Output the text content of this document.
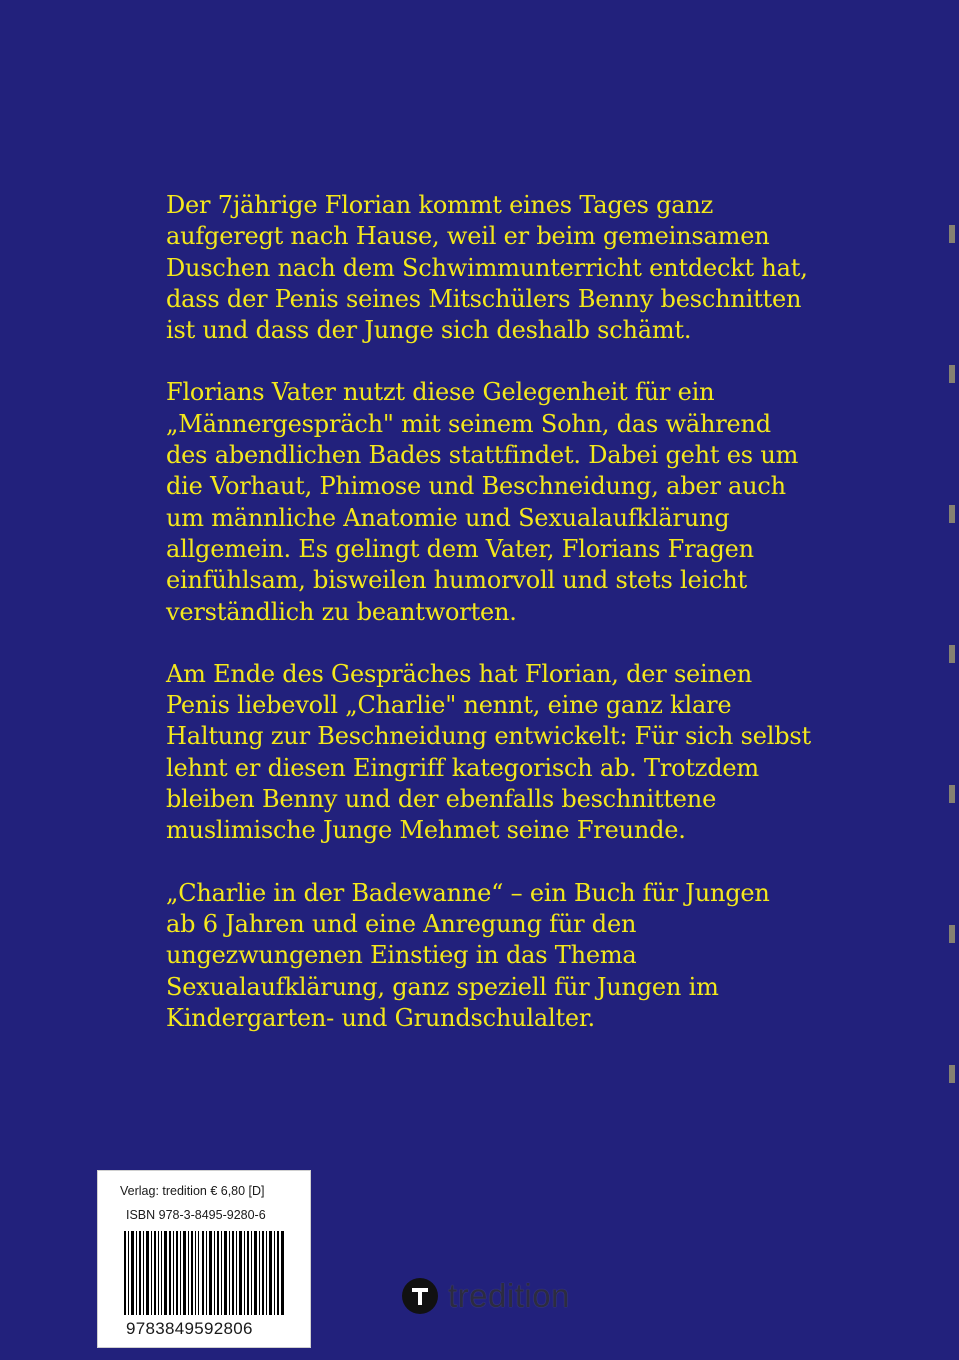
Der 7jährige Florian kommt eines Tages ganz
aufgeregt nach Hause, weil er beim gemeinsamen
Duschen nach dem Schwimmunterricht entdeckt hat,
dass der Penis seines Mitschülers Benny beschnitten
ist und dass der Junge sich deshalb schämt.

Florians Vater nutzt diese Gelegenheit für ein
„Männergespräch" mit seinem Sohn, das während
des abendlichen Bades stattfindet. Dabei geht es um
die Vorhaut, Phimose und Beschneidung, aber auch
um männliche Anatomie und Sexualaufklärung
allgemein. Es gelingt dem Vater, Florians Fragen
einfühlsam, bisweilen humorvoll und stets leicht
verständlich zu beantworten.

Am Ende des Gespräches hat Florian, der seinen
Penis liebevoll „Charlie" nennt, eine ganz klare
Haltung zur Beschneidung entwickelt: Für sich selbst
lehnt er diesen Eingriff kategorisch ab. Trotzdem
bleiben Benny und der ebenfalls beschnittene
muslimische Junge Mehmet seine Freunde.

„Charlie in der Badewanne“ – ein Buch für Jungen
ab 6 Jahren und eine Anregung für den
ungezwungenen Einstieg in das Thema
Sexualaufklärung, ganz speziell für Jungen im
Kindergarten- und Grundschulalter.

Verlag: tredition € 6,80 [D]
ISBN 978-3-8495-9280-6
9783849592806
tredition
